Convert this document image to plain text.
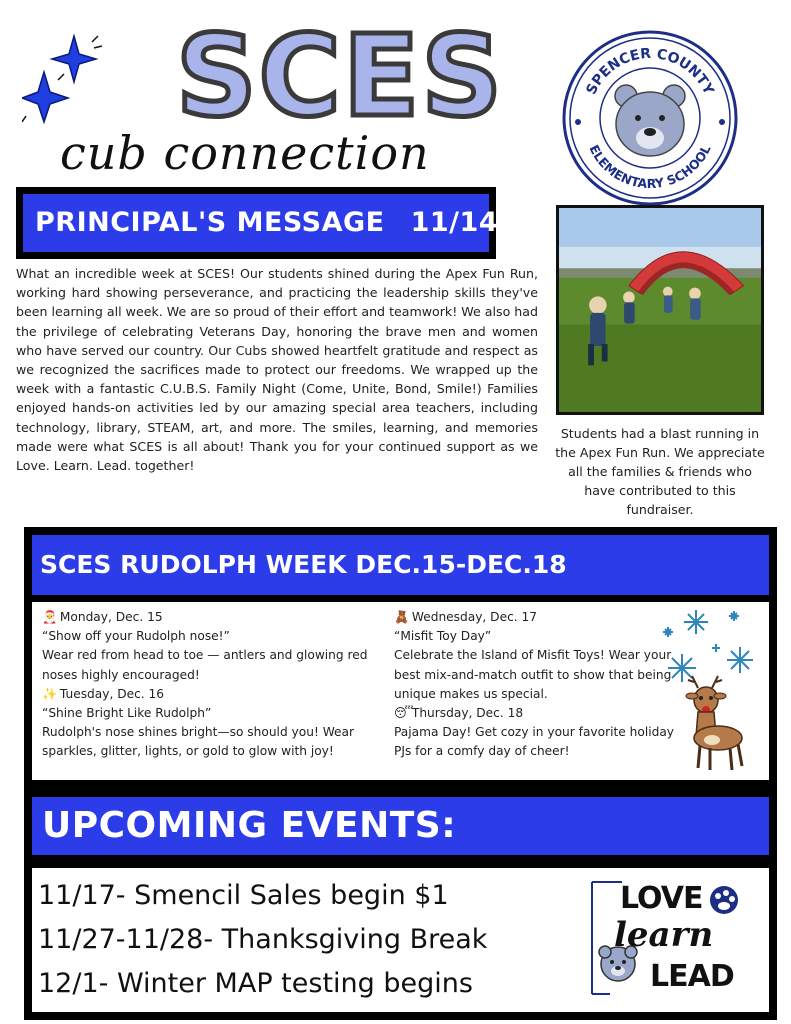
SCES
cub connection
SPENCER COUNTY
ELEMENTARY SCHOOL
PRINCIPAL'S MESSAGE 11/14/25

What an incredible week at SCES! Our students shined during the Apex Fun Run, working hard showing perseverance, and practicing the leadership skills they've been learning all week. We are so proud of their effort and teamwork! We also had the privilege of celebrating Veterans Day, honoring the brave men and women who have served our country. Our Cubs showed heartfelt gratitude and respect as we recognized the sacrifices made to protect our freedoms. We wrapped up the week with a fantastic C.U.B.S. Family Night (Come, Unite, Bond, Smile!) Families enjoyed hands-on activities led by our amazing special area teachers, including technology, library, STEAM, art, and more. The smiles, learning, and memories made were what SCES is all about! Thank you for your continued support as we Love. Learn. Lead. together!

Students had a blast running in the Apex Fun Run. We appreciate all the families & friends who have contributed to this fundraiser.

SCES RUDOLPH WEEK DEC.15-DEC.18
🎅 Monday, Dec. 15
“Show off your Rudolph nose!”
Wear red from head to toe — antlers and glowing red noses highly encouraged!
✨ Tuesday, Dec. 16
“Shine Bright Like Rudolph”
Rudolph's nose shines bright—so should you! Wear sparkles, glitter, lights, or gold to glow with joy!
🧸 Wednesday, Dec. 17
“Misfit Toy Day”
Celebrate the Island of Misfit Toys! Wear your best mix-and-match outfit to show that being unique makes us special.
😴 Thursday, Dec. 18
Pajama Day! Get cozy in your favorite holiday PJs for a comfy day of cheer!
UPCOMING EVENTS:
11/17- Smencil Sales begin $1
11/27-11/28- Thanksgiving Break
12/1- Winter MAP testing begins
LOVE
learn
LEAD
